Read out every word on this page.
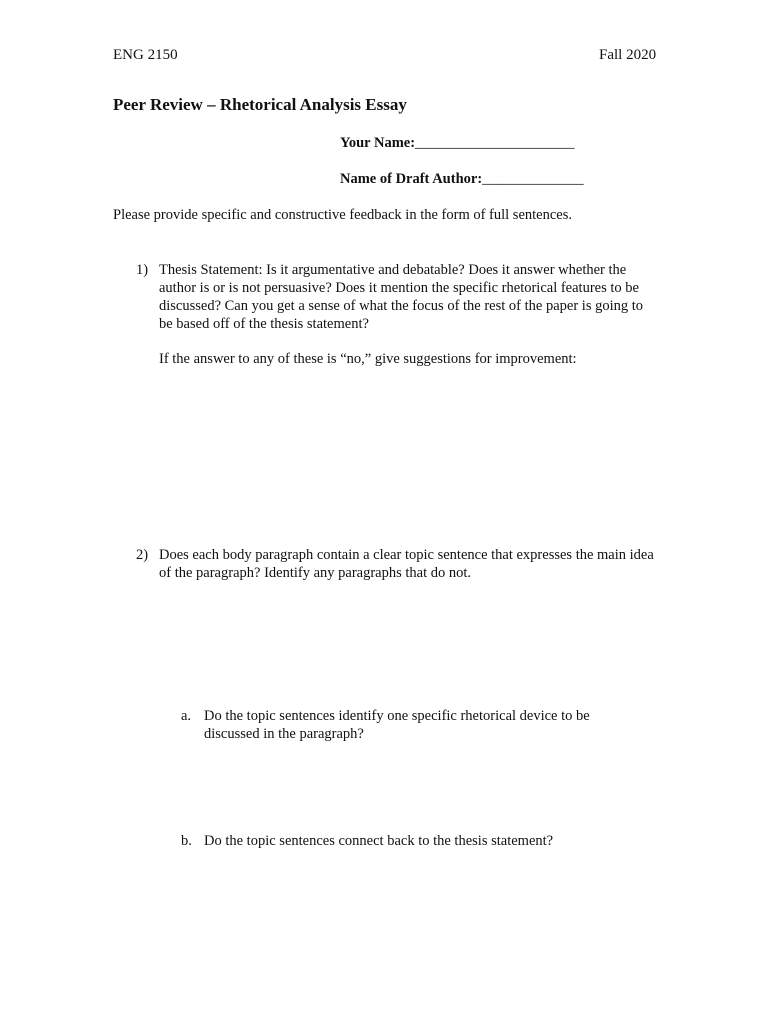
ENG 2150	Fall 2020
Peer Review – Rhetorical Analysis Essay
Your Name:______________________
Name of Draft Author:______________
Please provide specific and constructive feedback in the form of full sentences.
1) Thesis Statement: Is it argumentative and debatable? Does it answer whether the author is or is not persuasive? Does it mention the specific rhetorical features to be discussed? Can you get a sense of what the focus of the rest of the paper is going to be based off of the thesis statement?

If the answer to any of these is “no,” give suggestions for improvement:
2) Does each body paragraph contain a clear topic sentence that expresses the main idea of the paragraph? Identify any paragraphs that do not.

a. Do the topic sentences identify one specific rhetorical device to be discussed in the paragraph?

b. Do the topic sentences connect back to the thesis statement?
